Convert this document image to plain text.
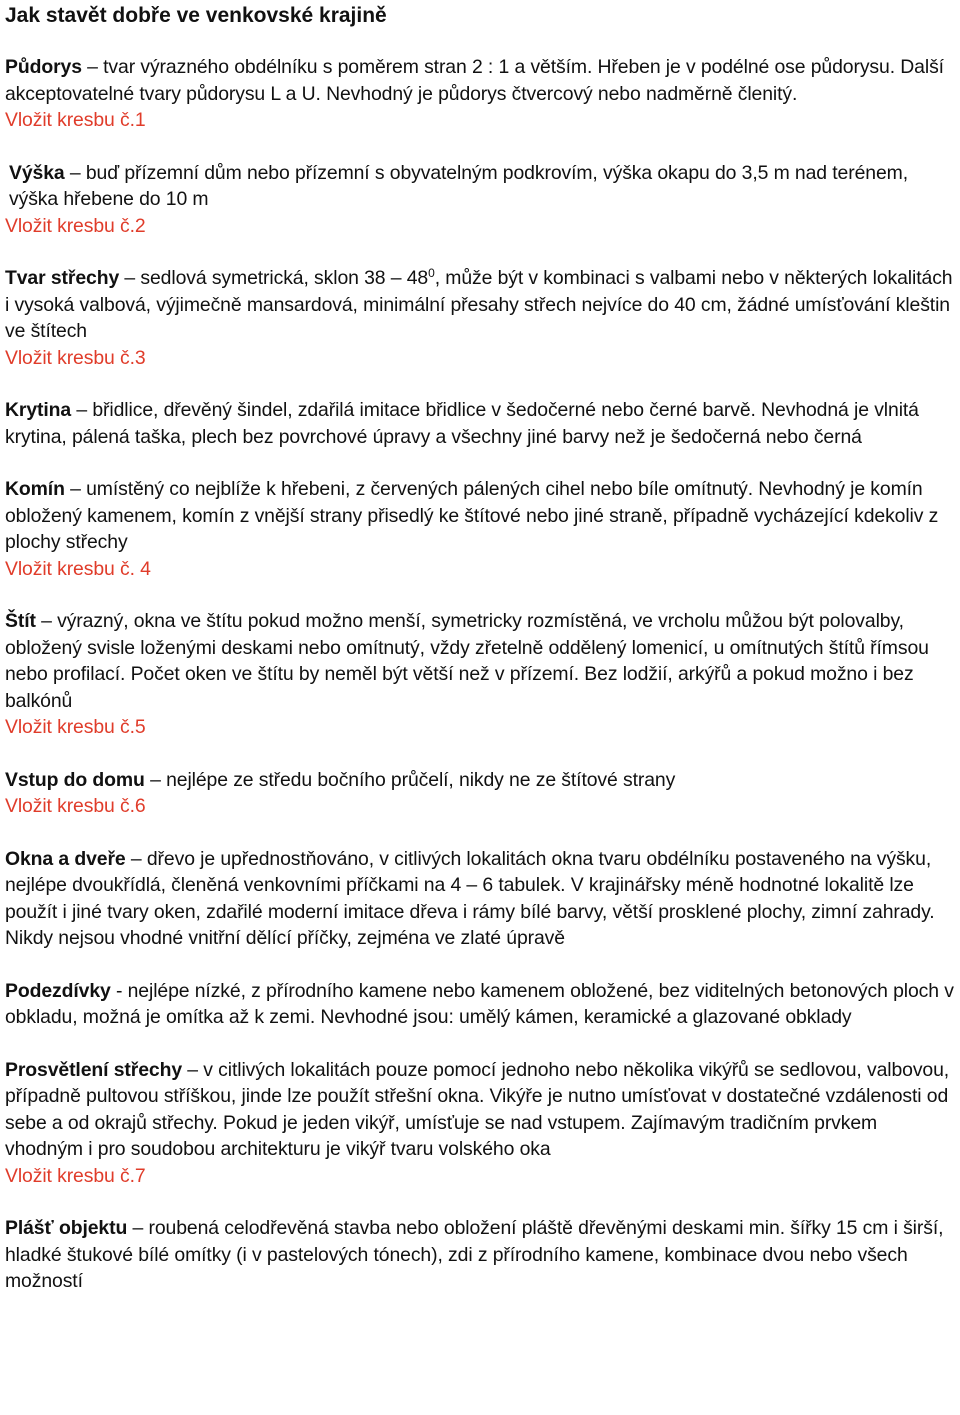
Jak stavět dobře ve venkovské krajině

Půdorys – tvar výrazného obdélníku s poměrem stran 2 : 1 a větším. Hřeben je v podélné ose půdorysu. Další akceptovatelné tvary půdorysu L a U. Nevhodný je půdorys čtvercový nebo nadměrně členitý.
Vložit kresbu č.1

Výška – buď přízemní dům nebo přízemní s obyvatelným podkrovím, výška okapu do 3,5 m nad terénem, výška hřebene do 10 m
Vložit kresbu č.2

Tvar střechy – sedlová symetrická, sklon $38 - 48^0$, může být v kombinaci s valbami nebo v některých lokalitách i vysoká valbová, výjimečně mansardová, minimální přesahy střech nejvíce do 40 cm, žádné umísťování kleštin ve štítech
Vložit kresbu č.3

Krytina – břidlice, dřevěný šindel, zdařilá imitace břidlice v šedočerné nebo černé barvě. Nevhodná je vlnitá krytina, pálená taška, plech bez povrchové úpravy a všechny jiné barvy než je šedočerná nebo černá

Komín – umístěný co nejblíže k hřebeni, z červených pálených cihel nebo bíle omítnutý. Nevhodný je komín obložený kamenem, komín z vnější strany přisedlý ke štítové nebo jiné straně, případně vycházející kdekoliv z plochy střechy
Vložit kresbu č. 4

Štít – výrazný, okna ve štítu pokud možno menší, symetricky rozmístěná, ve vrcholu můžou být polovalby, obložený svisle loženými deskami nebo omítnutý, vždy zřetelně oddělený lomenicí, u omítnutých štítů římsou nebo profilací. Počet oken ve štítu by neměl být větší než v přízemí. Bez lodžií, arkýřů a pokud možno i bez balkónů
Vložit kresbu č.5

Vstup do domu – nejlépe ze středu bočního průčelí, nikdy ne ze štítové strany
Vložit kresbu č.6

Okna a dveře – dřevo je upřednostňováno, v citlivých lokalitách okna tvaru obdélníku postaveného na výšku, nejlépe dvoukřídlá, členěná venkovními příčkami na 4 – 6 tabulek. V krajinářsky méně hodnotné lokalitě lze použít i jiné tvary oken, zdařilé moderní imitace dřeva i rámy bílé barvy, větší prosklené plochy, zimní zahrady. Nikdy nejsou vhodné vnitřní dělící příčky, zejména ve zlaté úpravě

Podezdívky - nejlépe nízké, z přírodního kamene nebo kamenem obložené, bez viditelných betonových ploch v obkladu, možná je omítka až k zemi. Nevhodné jsou: umělý kámen, keramické a glazované obklady

Prosvětlení střechy – v citlivých lokalitách pouze pomocí jednoho nebo několika vikýřů se sedlovou, valbovou, případně pultovou stříškou, jinde lze použít střešní okna. Vikýře je nutno umísťovat v dostatečné vzdálenosti od sebe a od okrajů střechy. Pokud je jeden vikýř, umísťuje se nad vstupem. Zajímavým tradičním prvkem vhodným i pro soudobou architekturu je vikýř tvaru volského oka
Vložit kresbu č.7

Plášť objektu – roubená celodřevěná stavba nebo obložení pláště dřevěnými deskami min. šířky 15 cm i širší, hladké štukové bílé omítky (i v pastelových tónech), zdi z přírodního kamene, kombinace dvou nebo všech možností
